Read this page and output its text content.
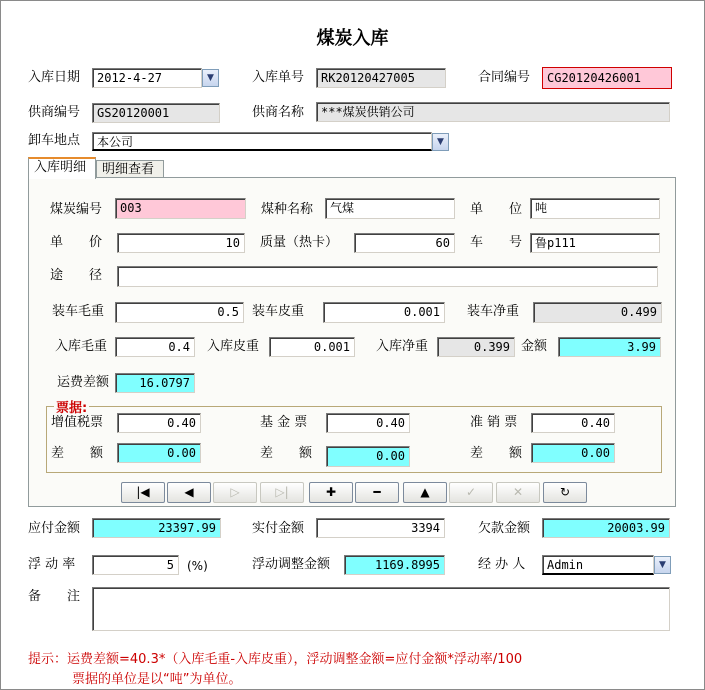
煤炭入库
入库日期	2012-4-27	▼	入库单号	RK20120427005	合同编号	CG20120426001
供商编号	GS20120001	供商名称	***煤炭供销公司
卸车地点	本公司	▼
入库明细	明细查看
煤炭编号	003	煤种名称	气煤	单　　位	吨
单　　价	10	质量（热卡）	60	车　　号	鲁p111
途　　径
装车毛重	0.5	装车皮重	0.001	装车净重	0.499
入库毛重	0.4	入库皮重	0.001	入库净重	0.399 金额	3.99
运费差额	16.0797
票据:
增值税票	0.40	基 金 票	0.40	准 销 票	0.40
差　　额	0.00	差　　额	0.00	差　　额	0.00
|◀	◀	▷	▷|	✚	━	▲	✓	✕	↻
应付金额	23397.99	实付金额	3394	欠款金额	20003.99
浮 动 率	5	(%)	浮动调整金额	1169.8995	经 办 人	Admin	▼
备　　注
提示：运费差额=40.3*（入库毛重-入库皮重），浮动调整金额=应付金额*浮动率/100
票据的单位是以“吨”为单位。
